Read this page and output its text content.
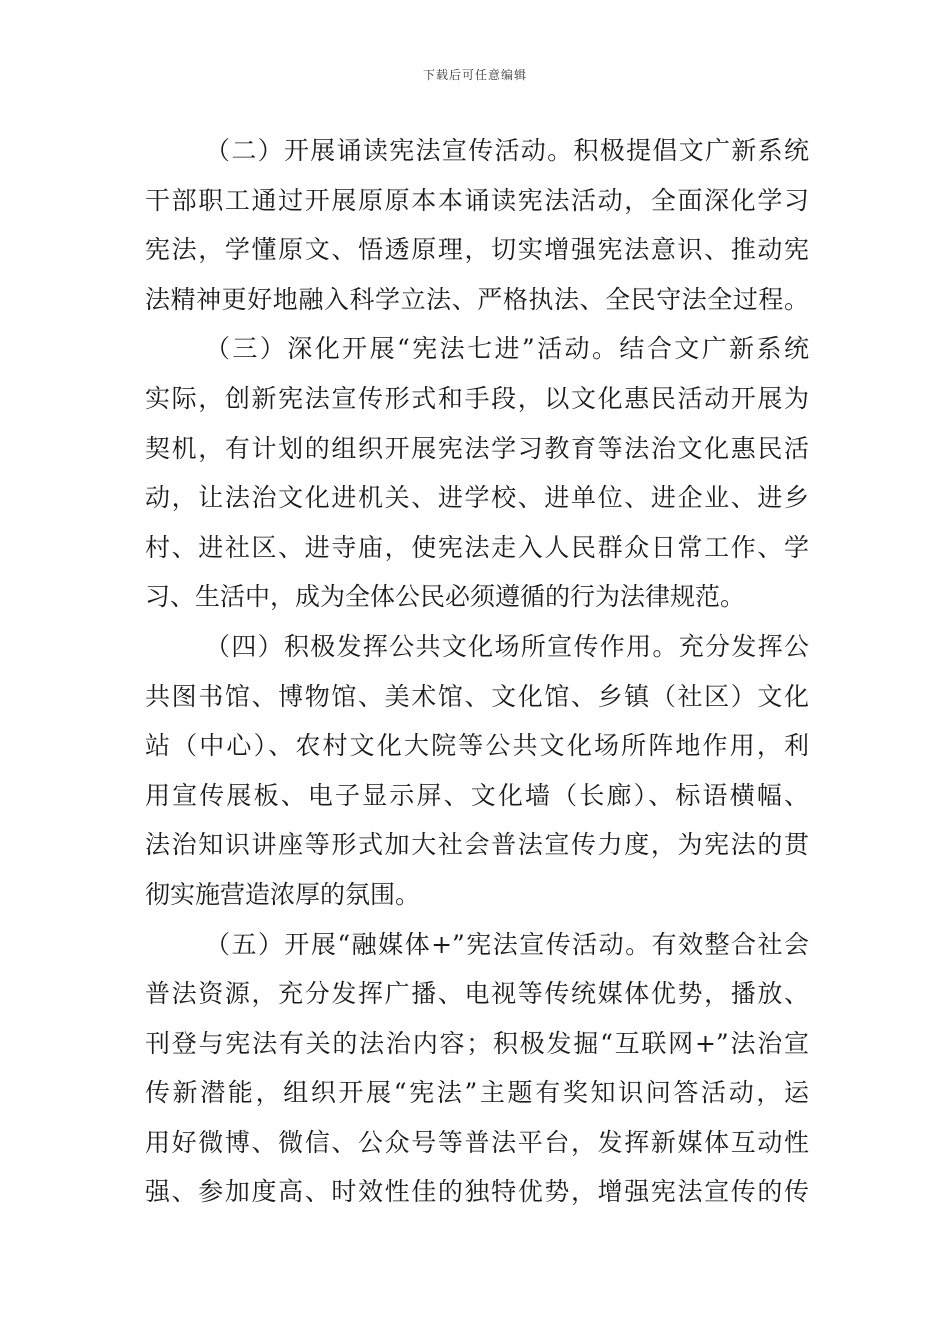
下载后可任意编辑
（二）开展诵读宪法宣传活动。积极提倡文广新系统
干部职工通过开展原原本本诵读宪法活动，全面深化学习
宪法，学懂原文、悟透原理，切实增强宪法意识、推动宪
法精神更好地融入科学立法、严格执法、全民守法全过程。
（三）深化开展“宪法七进”活动。结合文广新系统
实际，创新宪法宣传形式和手段，以文化惠民活动开展为
契机，有计划的组织开展宪法学习教育等法治文化惠民活
动，让法治文化进机关、进学校、进单位、进企业、进乡
村、进社区、进寺庙，使宪法走入人民群众日常工作、学
习、生活中，成为全体公民必须遵循的行为法律规范。
（四）积极发挥公共文化场所宣传作用。充分发挥公
共图书馆、博物馆、美术馆、文化馆、乡镇（社区）文化
站（中心）、农村文化大院等公共文化场所阵地作用，利
用宣传展板、电子显示屏、文化墙（长廊）、标语横幅、
法治知识讲座等形式加大社会普法宣传力度，为宪法的贯
彻实施营造浓厚的氛围。
（五）开展“融媒体+”宪法宣传活动。有效整合社会
普法资源，充分发挥广播、电视等传统媒体优势，播放、
刊登与宪法有关的法治内容；积极发掘“互联网+”法治宣
传新潜能，组织开展“宪法”主题有奖知识问答活动，运
用好微博、微信、公众号等普法平台，发挥新媒体互动性
强、参加度高、时效性佳的独特优势，增强宪法宣传的传
